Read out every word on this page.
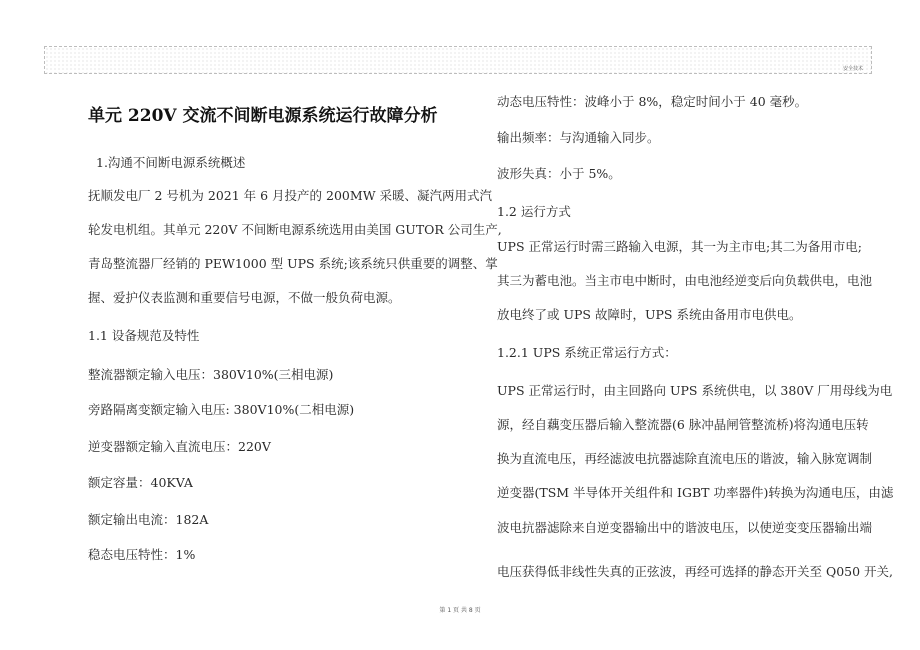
安全技术
单元 220V 交流不间断电源系统运行故障分析
1.沟通不间断电源系统概述
抚顺发电厂 2 号机为 2021 年 6 月投产的 200MW 采暖、凝汽两用式汽
轮发电机组。其单元 220V 不间断电源系统选用由美国 GUTOR 公司生产,
青岛整流器厂经销的 PEW1000 型 UPS 系统;该系统只供重要的调整、掌
握、爱护仪表监测和重要信号电源，不做一般负荷电源。
1.1 设备规范及特性
整流器额定输入电压：380V10%(三相电源)
旁路隔离变额定输入电压: 380V10%(二相电源)
逆变器额定输入直流电压：220V
额定容量：40KVA
额定输出电流：182A
稳态电压特性：1%
动态电压特性：波峰小于 8%，稳定时间小于 40 毫秒。
输出频率：与沟通输入同步。
波形失真：小于 5%。
1.2 运行方式
UPS 正常运行时需三路输入电源，其一为主市电;其二为备用市电;
其三为蓄电池。当主市电中断时，由电池经逆变后向负载供电，电池
放电终了或 UPS 故障时，UPS 系统由备用市电供电。
1.2.1 UPS 系统正常运行方式：
UPS 正常运行时，由主回路向 UPS 系统供电，以 380V 厂用母线为电
源，经自藕变压器后输入整流器(6 脉冲晶闸管整流桥)将沟通电压转
换为直流电压，再经滤波电抗器滤除直流电压的谐波，输入脉宽调制
逆变器(TSM 半导体开关组件和 IGBT 功率器件)转换为沟通电压，由滤
波电抗器滤除来自逆变器输出中的谐波电压，以使逆变变压器输出端
电压获得低非线性失真的正弦波，再经可选择的静态开关至 Q050 开关,
第 1 页 共 8 页
